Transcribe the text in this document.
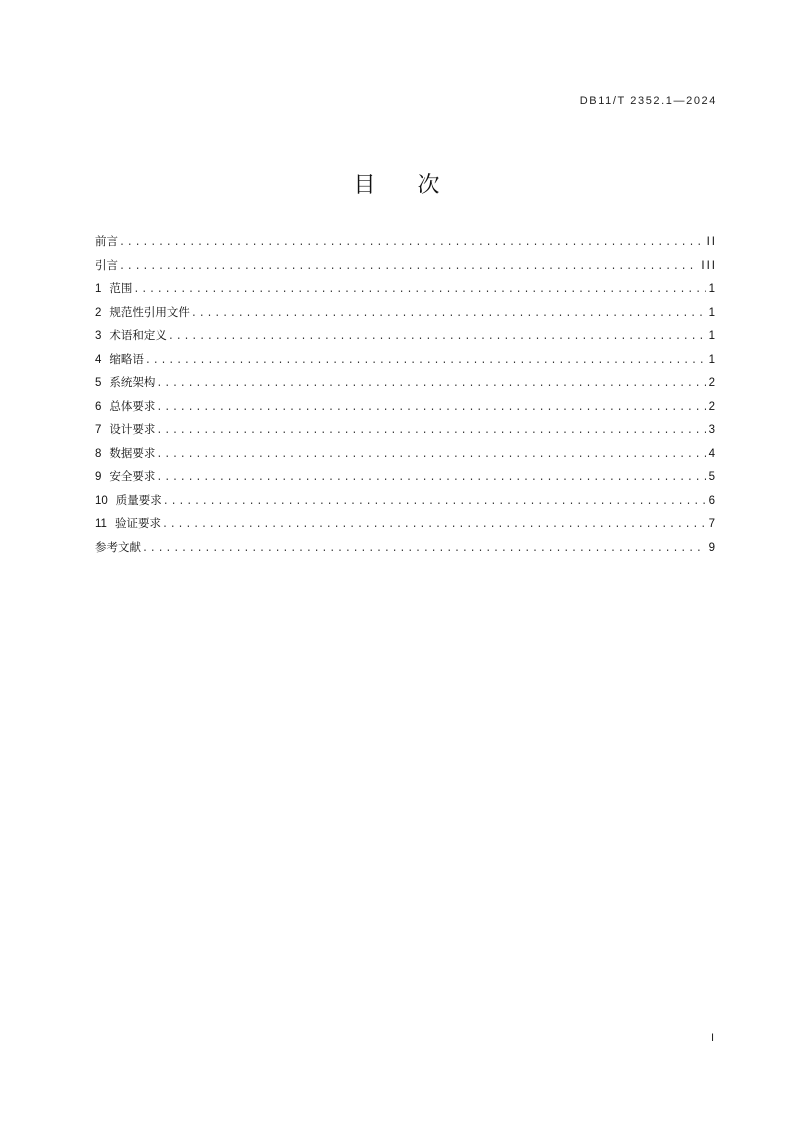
DB11/T 2352.1—2024
目次
前言 .....	II
引言 .....	III
1 范围 .....	1
2 规范性引用文件 .....	1
3 术语和定义 .....	1
4 缩略语 .....	1
5 系统架构 .....	2
6 总体要求 .....	2
7 设计要求 .....	3
8 数据要求 .....	4
9 安全要求 .....	5
10 质量要求 .....	6
11 验证要求 .....	7
参考文献 .....	9
I
